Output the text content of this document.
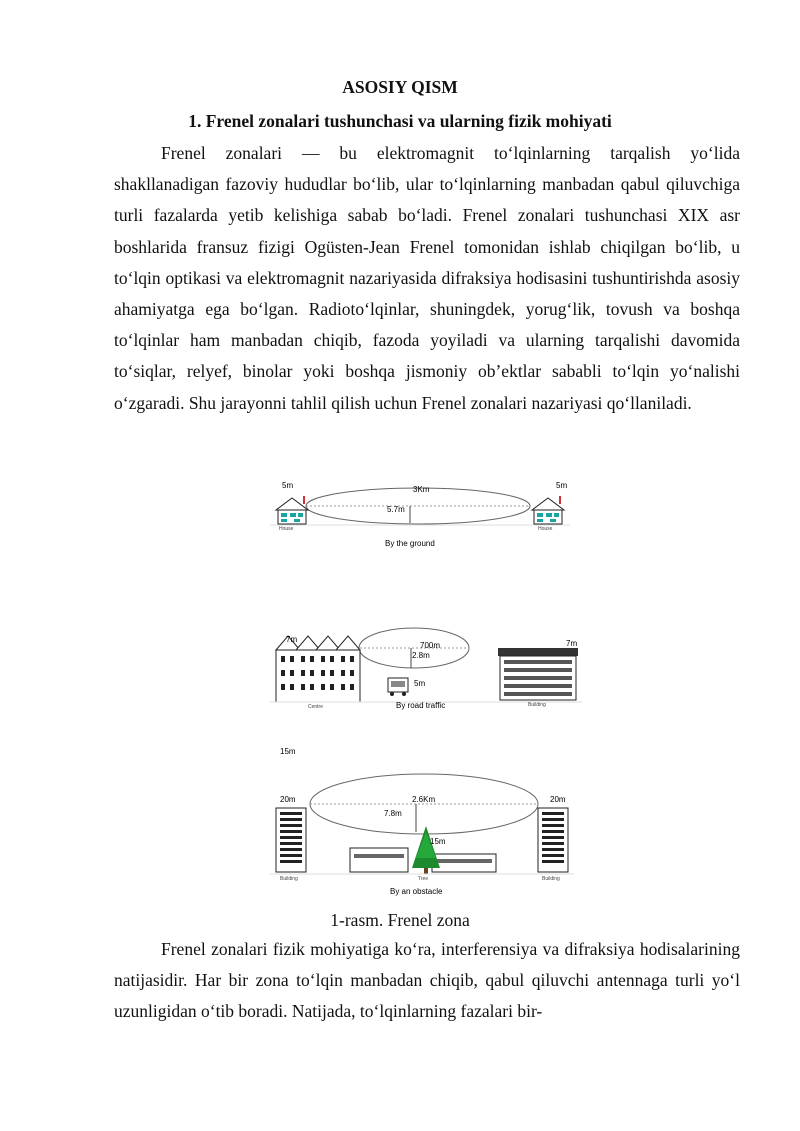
ASOSIY QISM
1. Frenel zonalari tushunchasi va ularning fizik mohiyati

Frenel zonalari — bu elektromagnit to‘lqinlarning tarqalish yo‘lida shakllanadigan fazoviy hududlar bo‘lib, ular to‘lqinlarning manbadan qabul qiluvchiga turli fazalarda yetib kelishiga sabab bo‘ladi. Frenel zonalari tushunchasi XIX asr boshlarida fransuz fizigi Ogüsten-Jean Frenel tomonidan ishlab chiqilgan bo‘lib, u to‘lqin optikasi va elektromagnit nazariyasida difraksiya hodisasini tushuntirishda asosiy ahamiyatga ega bo‘lgan. Radioto‘lqinlar, shuningdek, yorug‘lik, tovush va boshqa to‘lqinlar ham manbadan chiqib, fazoda yoyiladi va ularning tarqalishi davomida to‘siqlar, relyef, binolar yoki boshqa jismoniy ob’ektlar sababli to‘lqin yo‘nalishi o‘zgaradi. Shu jarayonni tahlil qilish uchun Frenel zonalari nazariyasi qo‘llaniladi.

5m	5m
3Km
5.7m
House	House
By the ground
7m	7m
700m
2.8m
5m
Centre	Building
By road traffic
15m
20m	20m
2.6Km
7.8m
15m
Building	Tree	Building
By an obstacle
1-rasm. Frenel zona

Frenel zonalari fizik mohiyatiga ko‘ra, interferensiya va difraksiya hodisalarining natijasidir. Har bir zona to‘lqin manbadan chiqib, qabul qiluvchi antennaga turli yo‘l uzunligidan o‘tib boradi. Natijada, to‘lqinlarning fazalari bir-
